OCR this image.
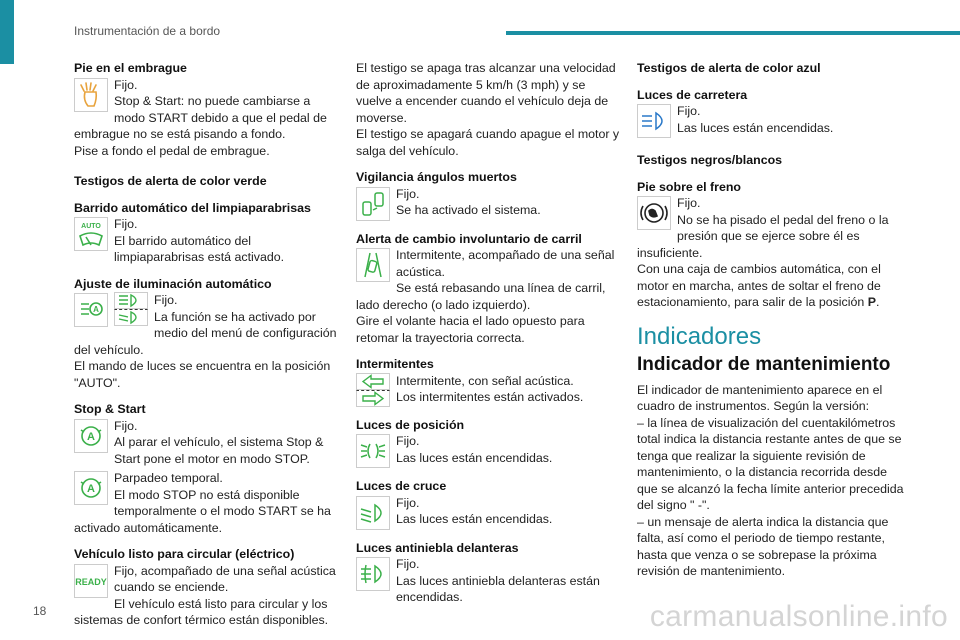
Instrumentación de a bordo
Pie en el embrague

Fijo.

Stop & Start: no puede cambiarse a modo START debido a que el pedal de embrague no se está pisando a fondo.

Pise a fondo el pedal de embrague.

Testigos de alerta de color verde
Barrido automático del limpiaparabrisas
AUTO	Fijo.

El barrido automático del limpiaparabrisas está activado.

Ajuste de iluminación automático
A

Fijo.

La función se ha activado por medio del menú de configuración del vehículo.

El mando de luces se encuentra en la posición "AUTO".

Stop & Start
A

Fijo.

Al parar el vehículo, el sistema Stop & Start pone el motor en modo STOP.

A

Parpadeo temporal.

El modo STOP no está disponible temporalmente o el modo START se ha activado automáticamente.

Vehículo listo para circular (eléctrico)
READY

Fijo, acompañado de una señal acústica cuando se enciende.

El vehículo está listo para circular y los sistemas de confort térmico están disponibles.

El testigo se apaga tras alcanzar una velocidad de aproximadamente 5 km/h (3 mph) y se vuelve a encender cuando el vehículo deja de moverse.

El testigo se apagará cuando apague el motor y salga del vehículo.

Vigilancia ángulos muertos

Fijo.

Se ha activado el sistema.

Alerta de cambio involuntario de carril

Intermitente, acompañado de una señal acústica.

Se está rebasando una línea de carril, lado derecho (o lado izquierdo).

Gire el volante hacia el lado opuesto para retomar la trayectoria correcta.

Intermitentes

Intermitente, con señal acústica.

Los intermitentes están activados.

Luces de posición

Fijo.

Las luces están encendidas.

Luces de cruce

Fijo.

Las luces están encendidas.

Luces antiniebla delanteras

Fijo.

Las luces antiniebla delanteras están encendidas.

Testigos de alerta de color azul
Luces de carretera

Fijo.

Las luces están encendidas.

Testigos negros/blancos
Pie sobre el freno

Fijo.

No se ha pisado el pedal del freno o la presión que se ejerce sobre él es insuficiente.

Con una caja de cambios automática, con el motor en marcha, antes de soltar el freno de estacionamiento, para salir de la posición P.

Indicadores
Indicador de mantenimiento

El indicador de mantenimiento aparece en el cuadro de instrumentos. Según la versión:

– la línea de visualización del cuentakilómetros total indica la distancia restante antes de que se tenga que realizar la siguiente revisión de mantenimiento, o la distancia recorrida desde que se alcanzó la fecha límite anterior precedida del signo " -".

– un mensaje de alerta indica la distancia que falta, así como el periodo de tiempo restante, hasta que venza o se sobrepase la próxima revisión de mantenimiento.

18	carmanualsonline.info
